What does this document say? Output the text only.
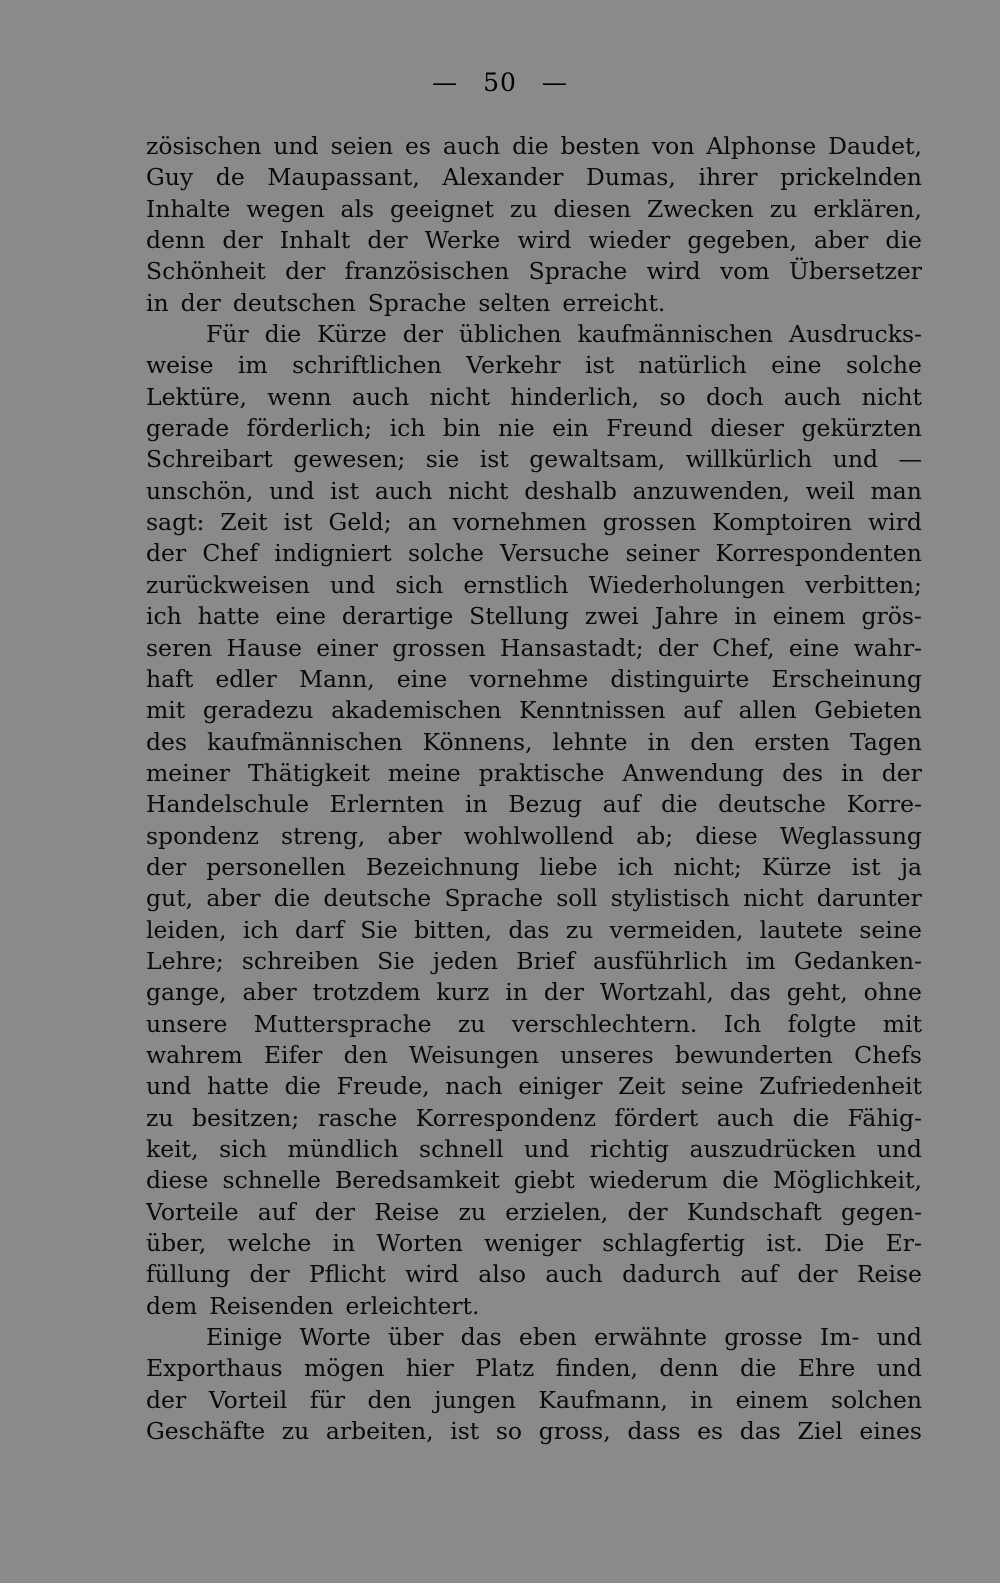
— 50 —
zösischen und seien es auch die besten von Alphonse Daudet,
Guy de Maupassant, Alexander Dumas, ihrer prickelnden
Inhalte wegen als geeignet zu diesen Zwecken zu erklären,
denn der Inhalt der Werke wird wieder gegeben, aber die
Schönheit der französischen Sprache wird vom Übersetzer
in der deutschen Sprache selten erreicht.
Für die Kürze der üblichen kaufmännischen Ausdrucks-
weise im schriftlichen Verkehr ist natürlich eine solche
Lektüre, wenn auch nicht hinderlich, so doch auch nicht
gerade förderlich; ich bin nie ein Freund dieser gekürzten
Schreibart gewesen; sie ist gewaltsam, willkürlich und —
unschön, und ist auch nicht deshalb anzuwenden, weil man
sagt: Zeit ist Geld; an vornehmen grossen Komptoiren wird
der Chef indigniert solche Versuche seiner Korrespondenten
zurückweisen und sich ernstlich Wiederholungen verbitten;
ich hatte eine derartige Stellung zwei Jahre in einem grös-
seren Hause einer grossen Hansastadt; der Chef, eine wahr-
haft edler Mann, eine vornehme distinguirte Erscheinung
mit geradezu akademischen Kenntnissen auf allen Gebieten
des kaufmännischen Könnens, lehnte in den ersten Tagen
meiner Thätigkeit meine praktische Anwendung des in der
Handelschule Erlernten in Bezug auf die deutsche Korre-
spondenz streng, aber wohlwollend ab; diese Weglassung
der personellen Bezeichnung liebe ich nicht; Kürze ist ja
gut, aber die deutsche Sprache soll stylistisch nicht darunter
leiden, ich darf Sie bitten, das zu vermeiden, lautete seine
Lehre; schreiben Sie jeden Brief ausführlich im Gedanken-
gange, aber trotzdem kurz in der Wortzahl, das geht, ohne
unsere Muttersprache zu verschlechtern. Ich folgte mit
wahrem Eifer den Weisungen unseres bewunderten Chefs
und hatte die Freude, nach einiger Zeit seine Zufriedenheit
zu besitzen; rasche Korrespondenz fördert auch die Fähig-
keit, sich mündlich schnell und richtig auszudrücken und
diese schnelle Beredsamkeit giebt wiederum die Möglichkeit,
Vorteile auf der Reise zu erzielen, der Kundschaft gegen-
über, welche in Worten weniger schlagfertig ist. Die Er-
füllung der Pflicht wird also auch dadurch auf der Reise
dem Reisenden erleichtert.
Einige Worte über das eben erwähnte grosse Im- und
Exporthaus mögen hier Platz finden, denn die Ehre und
der Vorteil für den jungen Kaufmann, in einem solchen
Geschäfte zu arbeiten, ist so gross, dass es das Ziel eines
